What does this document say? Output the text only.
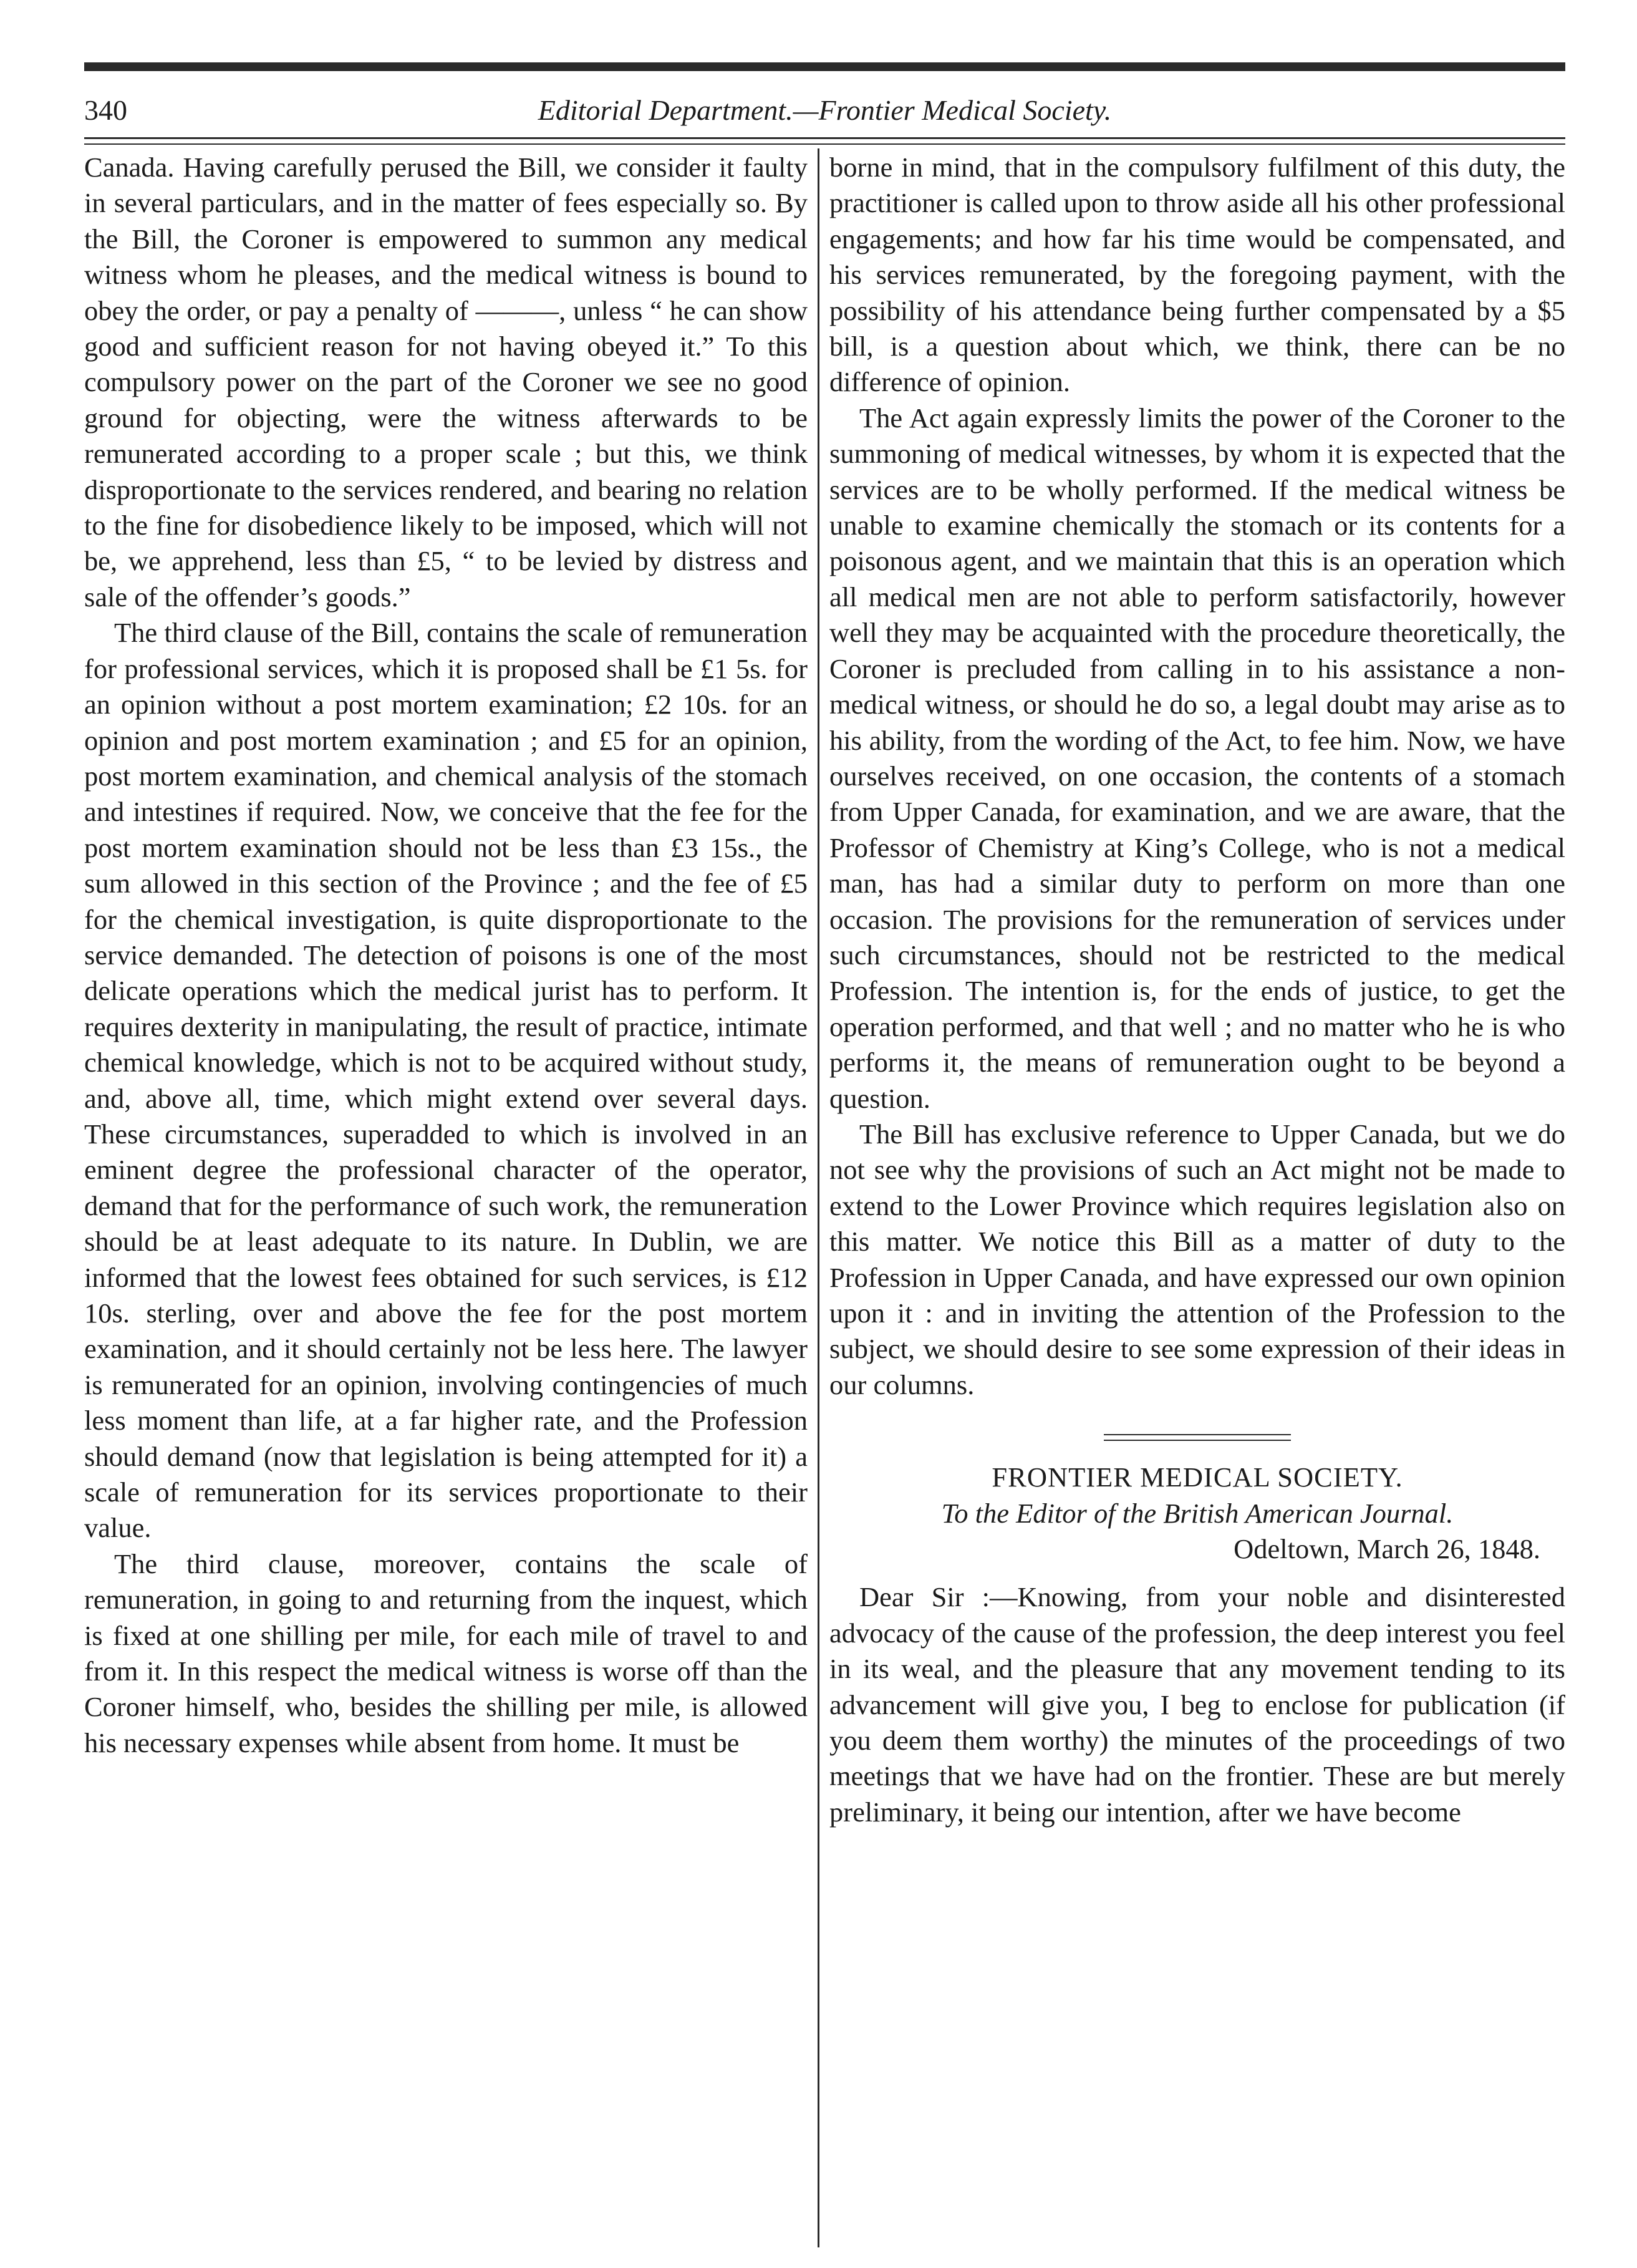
340	Editorial Department.—Frontier Medical Society.

Canada. Having carefully perused the Bill, we consider it faulty in several particulars, and in the matter of fees especially so. By the Bill, the Coroner is empowered to summon any medical witness whom he pleases, and the medical witness is bound to obey the order, or pay a penalty of ———, unless “ he can show good and sufficient reason for not having obeyed it.” To this compulsory power on the part of the Coroner we see no good ground for objecting, were the witness afterwards to be remunerated according to a proper scale ; but this, we think disproportionate to the services rendered, and bearing no relation to the fine for disobedience likely to be imposed, which will not be, we apprehend, less than £5, “ to be levied by distress and sale of the offender’s goods.”

The third clause of the Bill, contains the scale of remuneration for professional services, which it is proposed shall be £1 5s. for an opinion without a post mortem examination; £2 10s. for an opinion and post mortem examination ; and £5 for an opinion, post mortem examination, and chemical analysis of the stomach and intestines if required. Now, we conceive that the fee for the post mortem examination should not be less than £3 15s., the sum allowed in this section of the Province ; and the fee of £5 for the chemical investigation, is quite disproportionate to the service demanded. The detection of poisons is one of the most delicate operations which the medical jurist has to perform. It requires dexterity in manipulating, the result of practice, intimate chemical knowledge, which is not to be acquired without study, and, above all, time, which might extend over several days. These circumstances, superadded to which is involved in an eminent degree the professional character of the operator, demand that for the performance of such work, the remuneration should be at least adequate to its nature. In Dublin, we are informed that the lowest fees obtained for such services, is £12 10s. sterling, over and above the fee for the post mortem examination, and it should certainly not be less here. The lawyer is remunerated for an opinion, involving contingencies of much less moment than life, at a far higher rate, and the Profession should demand (now that legislation is being attempted for it) a scale of remuneration for its services proportionate to their value.

The third clause, moreover, contains the scale of remuneration, in going to and returning from the inquest, which is fixed at one shilling per mile, for each mile of travel to and from it. In this respect the medical witness is worse off than the Coroner himself, who, besides the shilling per mile, is allowed his necessary expenses while absent from home. It must be

borne in mind, that in the compulsory fulfilment of this duty, the practitioner is called upon to throw aside all his other professional engagements; and how far his time would be compensated, and his services remunerated, by the foregoing payment, with the possibility of his attendance being further compensated by a $5 bill, is a question about which, we think, there can be no difference of opinion.

The Act again expressly limits the power of the Coroner to the summoning of medical witnesses, by whom it is expected that the services are to be wholly performed. If the medical witness be unable to examine chemically the stomach or its contents for a poisonous agent, and we maintain that this is an operation which all medical men are not able to perform satisfactorily, however well they may be acquainted with the procedure theoretically, the Coroner is precluded from calling in to his assistance a non-medical witness, or should he do so, a legal doubt may arise as to his ability, from the wording of the Act, to fee him. Now, we have ourselves received, on one occasion, the contents of a stomach from Upper Canada, for examination, and we are aware, that the Professor of Chemistry at King’s College, who is not a medical man, has had a similar duty to perform on more than one occasion. The provisions for the remuneration of services under such circumstances, should not be restricted to the medical Profession. The intention is, for the ends of justice, to get the operation performed, and that well ; and no matter who he is who performs it, the means of remuneration ought to be beyond a question.

The Bill has exclusive reference to Upper Canada, but we do not see why the provisions of such an Act might not be made to extend to the Lower Province which requires legislation also on this matter. We notice this Bill as a matter of duty to the Profession in Upper Canada, and have expressed our own opinion upon it : and in inviting the attention of the Profession to the subject, we should desire to see some expression of their ideas in our columns.

FRONTIER MEDICAL SOCIETY.

To the Editor of the British American Journal.

Odeltown, March 26, 1848.

Dear Sir :—Knowing, from your noble and disinterested advocacy of the cause of the profession, the deep interest you feel in its weal, and the pleasure that any movement tending to its advancement will give you, I beg to enclose for publication (if you deem them worthy) the minutes of the proceedings of two meetings that we have had on the frontier. These are but merely preliminary, it being our intention, after we have become
